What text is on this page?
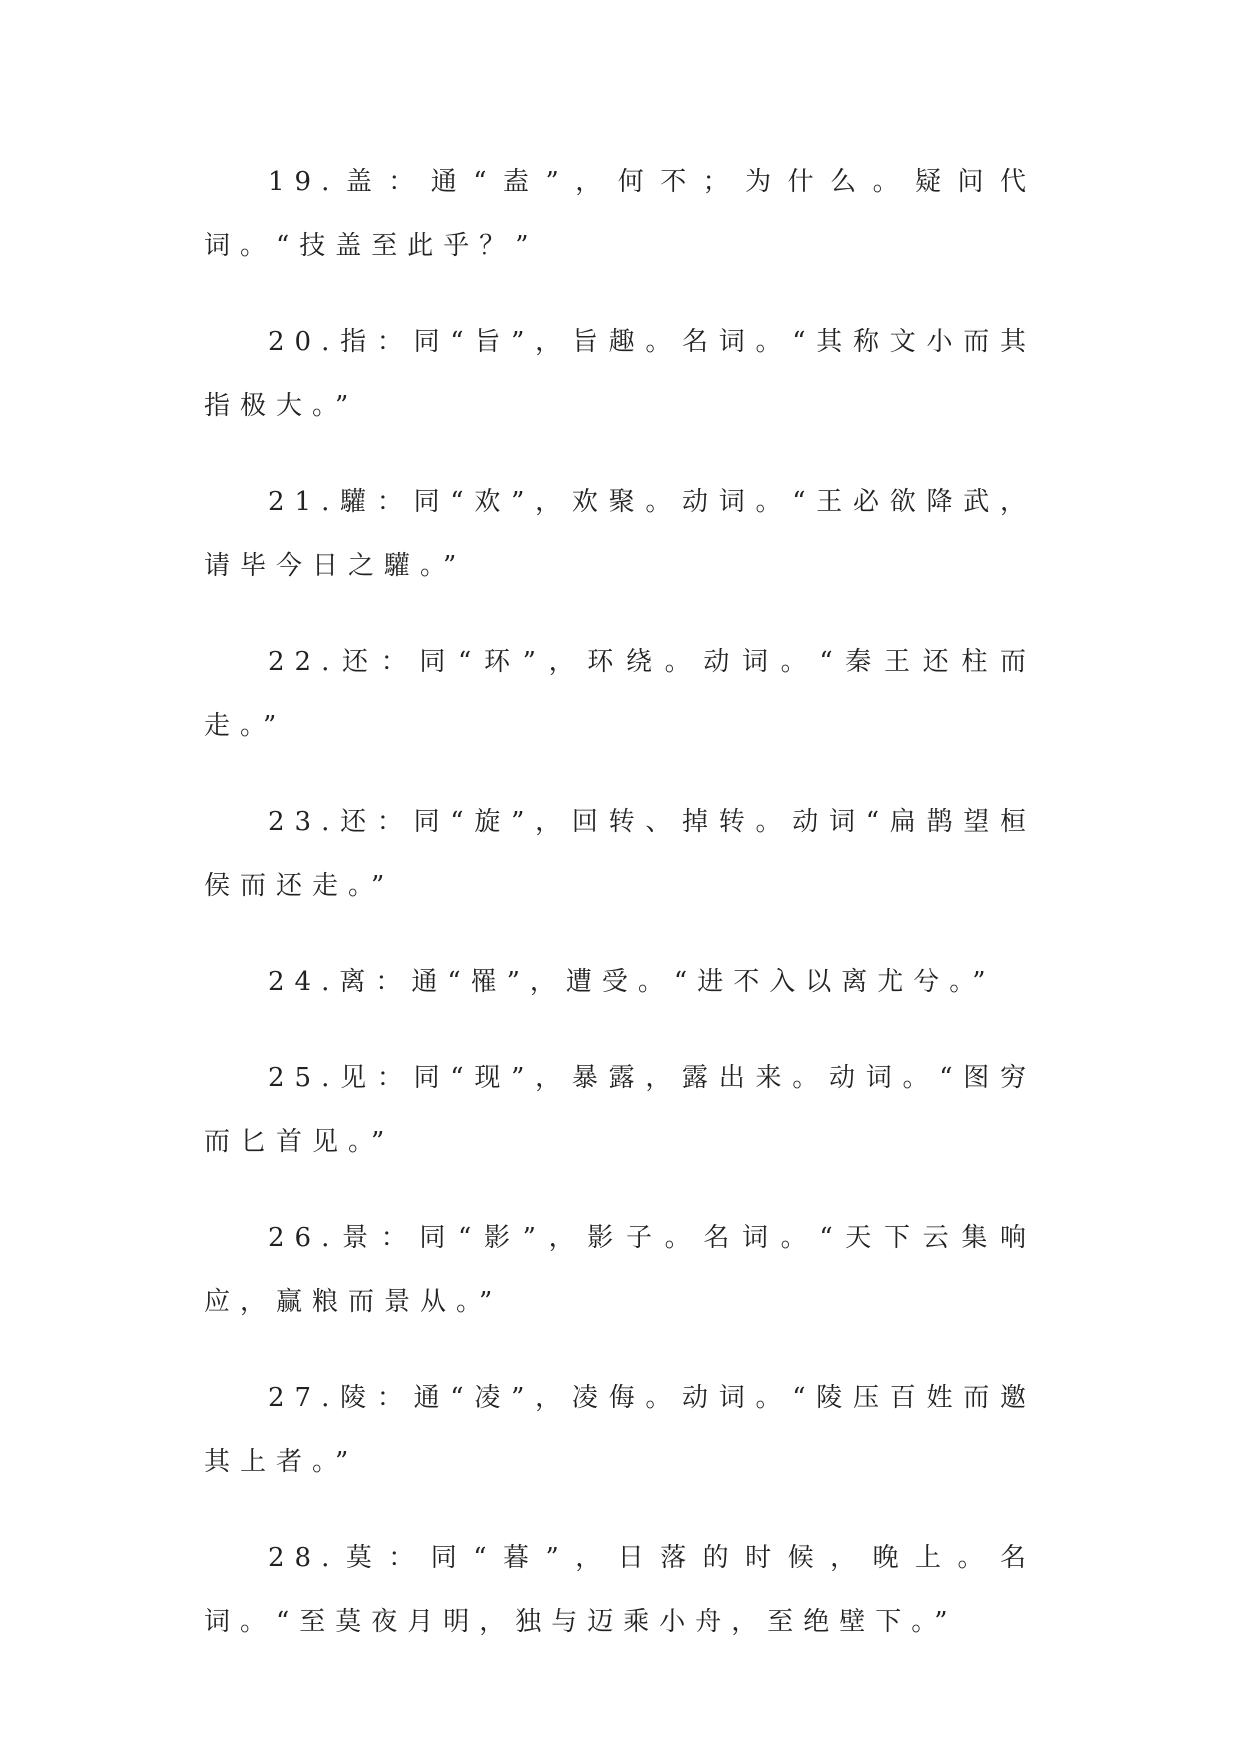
19.盖：通“盍”，何不；为什么。疑问代词。“技盖至此乎？”

20.指：同“旨”，旨趣。名词。“其称文小而其指极大。”

21.驩：同“欢”，欢聚。动词。“王必欲降武，请毕今日之驩。”

22.还：同“环”，环绕。动词。“秦王还柱而走。”

23.还：同“旋”，回转、掉转。动词“扁鹊望桓侯而还走。”

24.离：通“罹”，遭受。“进不入以离尤兮。”

25.见：同“现”，暴露，露出来。动词。“图穷而匕首见。”

26.景：同“影”，影子。名词。“天下云集响应，赢粮而景从。”

27.陵：通“凌”，凌侮。动词。“陵压百姓而邀其上者。”

28.莫：同“暮”，日落的时候，晚上。名词。“至莫夜月明，独与迈乘小舟，至绝壁下。”
